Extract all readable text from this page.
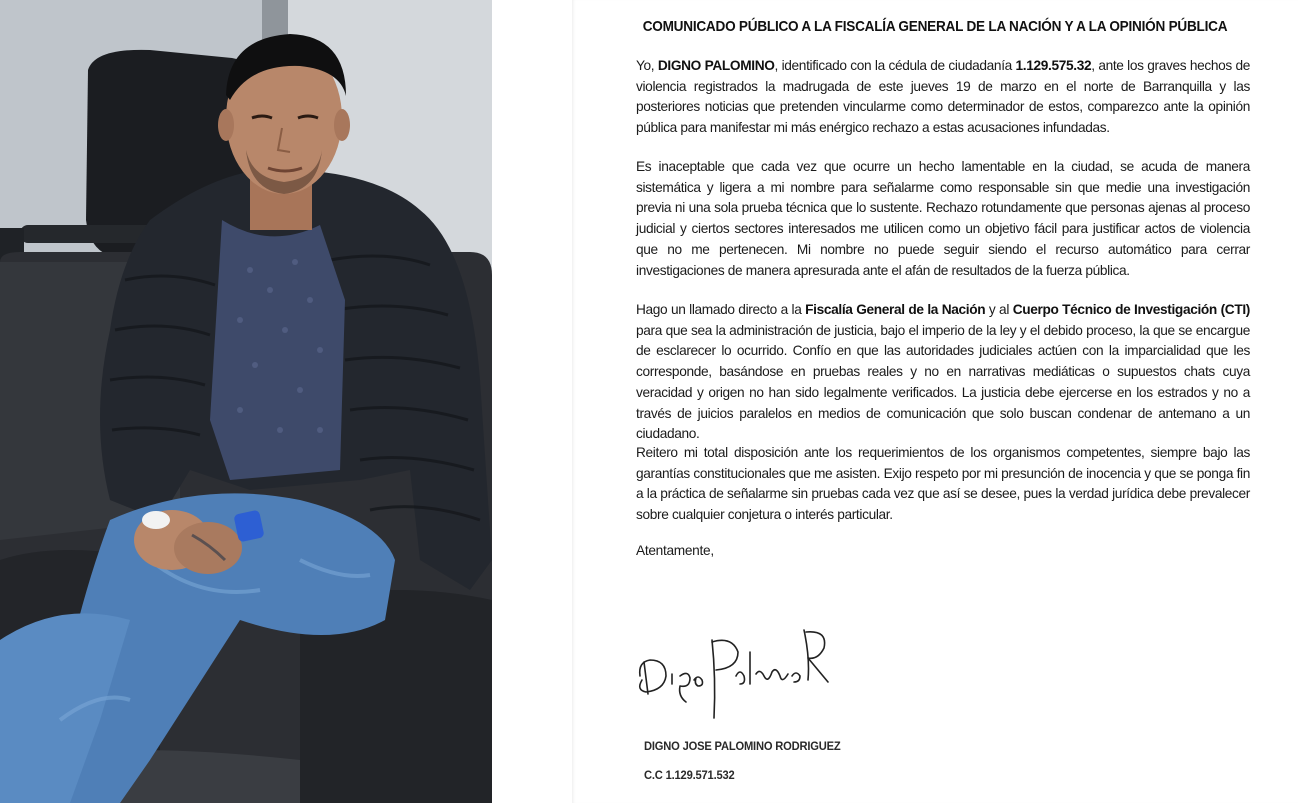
COMUNICADO PÚBLICO A LA FISCALÍA GENERAL DE LA NACIÓN Y A LA OPINIÓN PÚBLICA
Yo, DIGNO PALOMINO, identificado con la cédula de ciudadanía 1.129.575.32, ante los graves hechos de violencia registrados la madrugada de este jueves 19 de marzo en el norte de Barranquilla y las posteriores noticias que pretenden vincularme como determinador de estos, comparezco ante la opinión pública para manifestar mi más enérgico rechazo a estas acusaciones infundadas.
Es inaceptable que cada vez que ocurre un hecho lamentable en la ciudad, se acuda de manera sistemática y ligera a mi nombre para señalarme como responsable sin que medie una investigación previa ni una sola prueba técnica que lo sustente. Rechazo rotundamente que personas ajenas al proceso judicial y ciertos sectores interesados me utilicen como un objetivo fácil para justificar actos de violencia que no me pertenecen. Mi nombre no puede seguir siendo el recurso automático para cerrar investigaciones de manera apresurada ante el afán de resultados de la fuerza pública.
Hago un llamado directo a la Fiscalía General de la Nación y al Cuerpo Técnico de Investigación (CTI) para que sea la administración de justicia, bajo el imperio de la ley y el debido proceso, la que se encargue de esclarecer lo ocurrido. Confío en que las autoridades judiciales actúen con la imparcialidad que les corresponde, basándose en pruebas reales y no en narrativas mediáticas o supuestos chats cuya veracidad y origen no han sido legalmente verificados. La justicia debe ejercerse en los estrados y no a través de juicios paralelos en medios de comunicación que solo buscan condenar de antemano a un ciudadano.
Reitero mi total disposición ante los requerimientos de los organismos competentes, siempre bajo las garantías constitucionales que me asisten. Exijo respeto por mi presunción de inocencia y que se ponga fin a la práctica de señalarme sin pruebas cada vez que así se desee, pues la verdad jurídica debe prevalecer sobre cualquier conjetura o interés particular.
Atentamente,
DIGNO JOSE PALOMINO RODRIGUEZ
C.C 1.129.571.532
